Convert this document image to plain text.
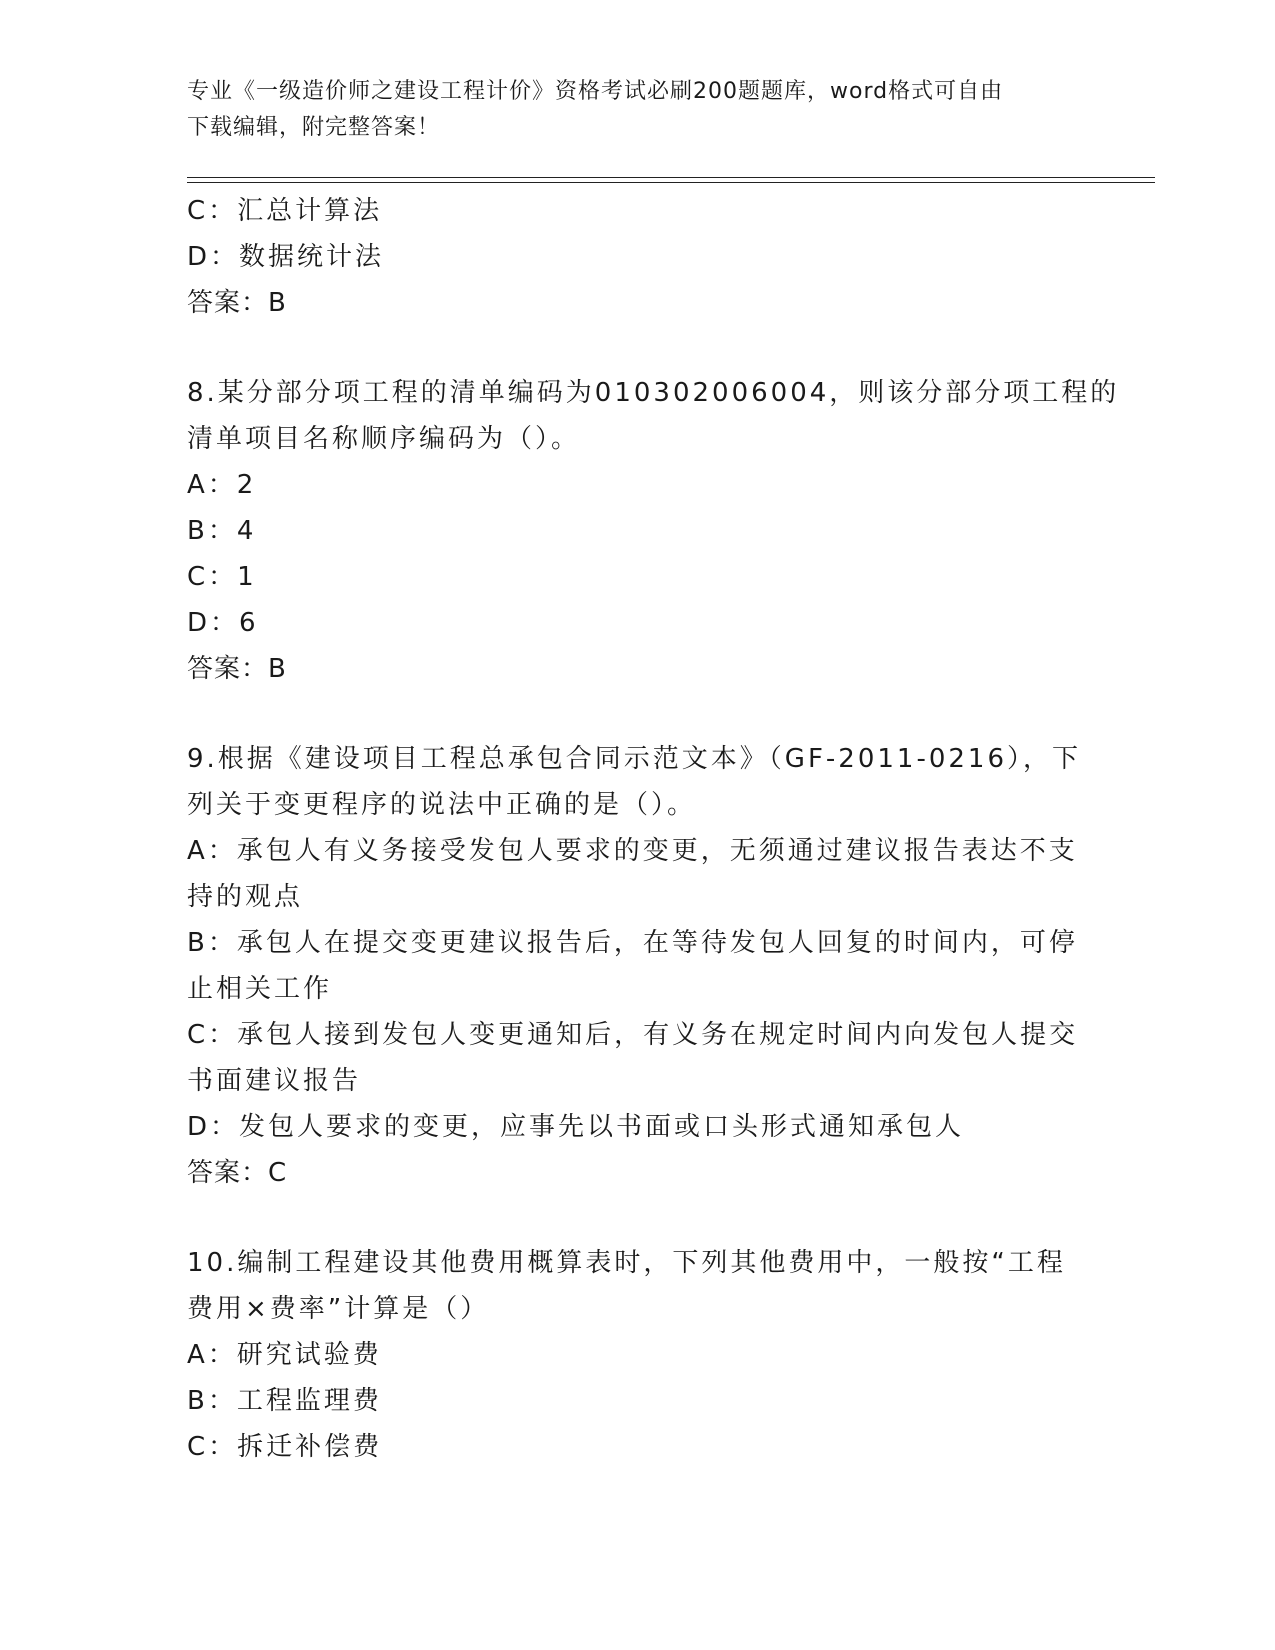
专业《一级造价师之建设工程计价》资格考试必刷200题题库，word格式可自由
下载编辑，附完整答案！
C：汇总计算法
D：数据统计法
答案：B
8.某分部分项工程的清单编码为010302006004，则该分部分项工程的
清单项目名称顺序编码为（）。
A：2
B：4
C：1
D：6
答案：B
9.根据《建设项目工程总承包合同示范文本》（GF-2011-0216），下
列关于变更程序的说法中正确的是（）。
A：承包人有义务接受发包人要求的变更，无须通过建议报告表达不支
持的观点
B：承包人在提交变更建议报告后，在等待发包人回复的时间内，可停
止相关工作
C：承包人接到发包人变更通知后，有义务在规定时间内向发包人提交
书面建议报告
D：发包人要求的变更，应事先以书面或口头形式通知承包人
答案：C
10.编制工程建设其他费用概算表时，下列其他费用中，一般按“工程
费用×费率”计算是（）
A：研究试验费
B：工程监理费
C：拆迁补偿费
